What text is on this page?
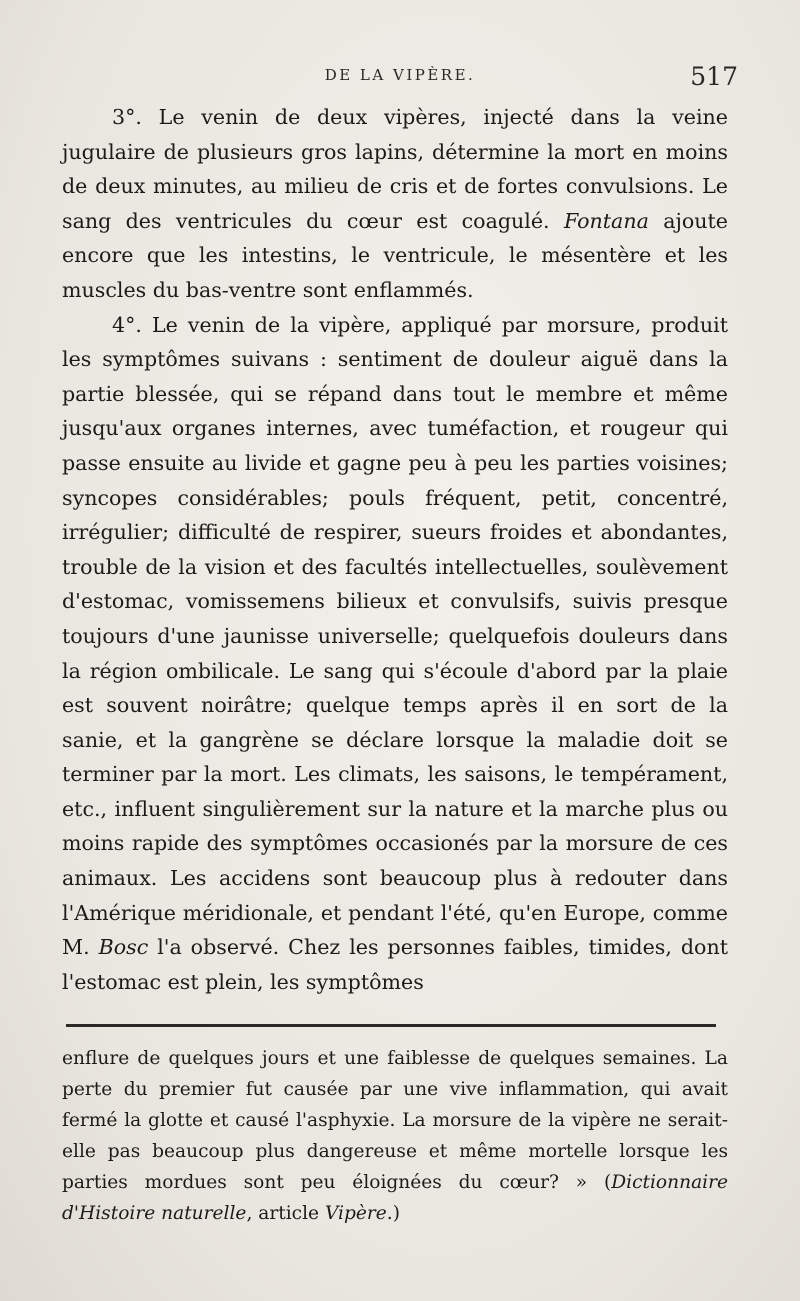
DE LA VIPÈRE.	517

3°. Le venin de deux vipères, injecté dans la veine jugulaire de plusieurs gros lapins, détermine la mort en moins de deux minutes, au milieu de cris et de fortes convulsions. Le sang des ventricules du cœur est coagulé. Fontana ajoute encore que les intestins, le ventricule, le mésentère et les muscles du bas-ventre sont enflammés.

4°. Le venin de la vipère, appliqué par morsure, produit les symptômes suivans : sentiment de douleur aiguë dans la partie blessée, qui se répand dans tout le membre et même jusqu'aux organes internes, avec tuméfaction, et rougeur qui passe ensuite au livide et gagne peu à peu les parties voisines; syncopes considérables; pouls fréquent, petit, concentré, irrégulier; difficulté de respirer, sueurs froides et abondantes, trouble de la vision et des facultés intellectuelles, soulèvement d'estomac, vomissemens bilieux et convulsifs, suivis presque toujours d'une jaunisse universelle; quelquefois douleurs dans la région ombilicale. Le sang qui s'écoule d'abord par la plaie est souvent noirâtre; quelque temps après il en sort de la sanie, et la gangrène se déclare lorsque la maladie doit se terminer par la mort. Les climats, les saisons, le tempérament, etc., influent singulièrement sur la nature et la marche plus ou moins rapide des symptômes occasionés par la morsure de ces animaux. Les accidens sont beaucoup plus à redouter dans l'Amérique méridionale, et pendant l'été, qu'en Europe, comme M. Bosc l'a observé. Chez les personnes faibles, timides, dont l'estomac est plein, les symptômes

enflure de quelques jours et une faiblesse de quelques semaines. La perte du premier fut causée par une vive inflammation, qui avait fermé la glotte et causé l'asphyxie. La morsure de la vipère ne serait-elle pas beaucoup plus dangereuse et même mortelle lorsque les parties mordues sont peu éloignées du cœur? » (Dictionnaire d'Histoire naturelle, article Vipère.)
